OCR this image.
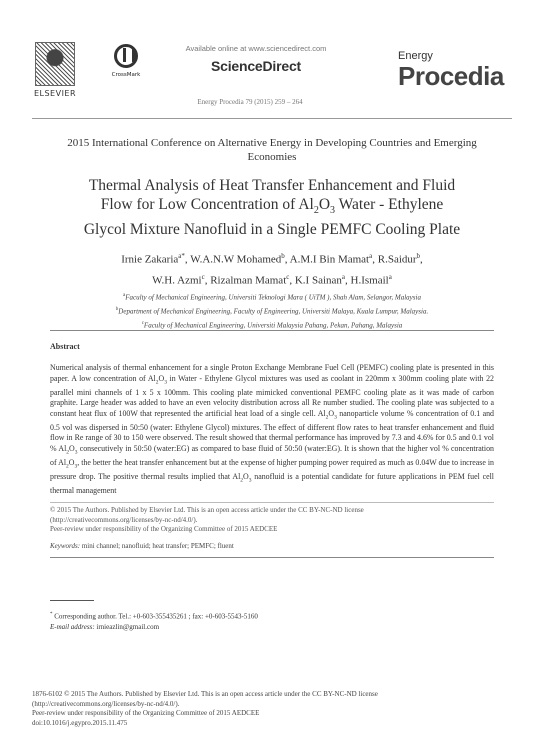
ELSEVIER
CrossMark
Available online at www.sciencedirect.com
ScienceDirect
Energy Procedia 79 (2015) 259 – 264
Energy
Procedia
2015 International Conference on Alternative Energy in Developing Countries and Emerging Economies
Thermal Analysis of Heat Transfer Enhancement and Fluid
Flow for Low Concentration of $Al_2O_3$ Water - Ethylene
Glycol Mixture Nanofluid in a Single PEMFC Cooling Plate
Irnie Zakaria$^{a*}$, W.A.N.W Mohamed$^b$, A.M.I Bin Mamat$^a$, R.Saidur$^b$,
W.H. Azmi$^c$, Rizalman Mamat$^c$, K.I Sainan$^a$, H.Ismail$^a$
$^a$Faculty of Mechanical Engineering, Universiti Teknologi Mara ( UiTM ), Shah Alam, Selangor, Malaysia
$^b$Department of Mechanical Engineering, Faculty of Engineering, Universiti Malaya, Kuala Lumpur, Malaysia.
$^c$Faculty of Mechanical Engineering, Universiti Malaysia Pahang, Pekan, Pahang, Malaysia
Abstract
Numerical analysis of thermal enhancement for a single Proton Exchange Membrane Fuel Cell (PEMFC) cooling plate is presented in this paper. A low concentration of $Al_2O_3$ in Water - Ethylene Glycol mixtures was used as coolant in 220mm x 300mm cooling plate with 22 parallel mini channels of 1 x 5 x 100mm. This cooling plate mimicked conventional PEMFC cooling plate as it was made of carbon graphite. Large header was added to have an even velocity distribution across all Re number studied. The cooling plate was subjected to a constant heat flux of 100W that represented the artificial heat load of a single cell. $Al_2O_3$ nanoparticle volume % concentration of 0.1 and 0.5 vol was dispersed in 50:50 (water: Ethylene Glycol) mixtures. The effect of different flow rates to heat transfer enhancement and fluid flow in Re range of 30 to 150 were observed. The result showed that thermal performance has improved by 7.3 and 4.6% for 0.5 and 0.1 vol % $Al_2O_3$ consecutively in 50:50 (water:EG) as compared to base fluid of 50:50 (water:EG). It is shown that the higher vol % concentration of $Al_2O_3$, the better the heat transfer enhancement but at the expense of higher pumping power required as much as 0.04W due to increase in pressure drop. The positive thermal results implied that $Al_2O_3$ nanofluid is a potential candidate for future applications in PEM fuel cell thermal management
© 2015 The Authors. Published by Elsevier Ltd. This is an open access article under the CC BY-NC-ND license
(http://creativecommons.org/licenses/by-nc-nd/4.0/).
Peer-review under responsibility of the Organizing Committee of 2015 AEDCEE
Keywords: mini channel; nanofluid; heat transfer; PEMFC; fluent
* Corresponding author. Tel.: +0-603-355435261 ; fax: +0-603-5543-5160
E-mail address: irnieazlin@gmail.com
1876-6102 © 2015 The Authors. Published by Elsevier Ltd. This is an open access article under the CC BY-NC-ND license
(http://creativecommons.org/licenses/by-nc-nd/4.0/).
Peer-review under responsibility of the Organizing Committee of 2015 AEDCEE
doi:10.1016/j.egypro.2015.11.475
